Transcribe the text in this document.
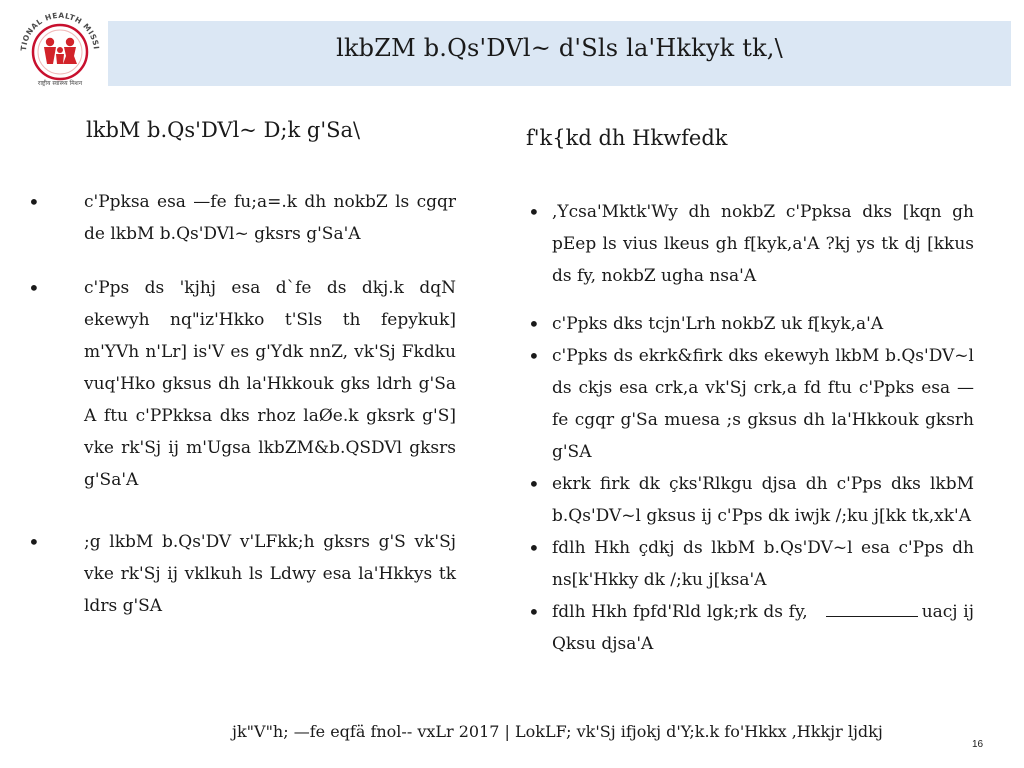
TIONAL HEALTH MISSI
राष्ट्रीय स्वास्थ्य मिशन
lkbZM b.Qs'DVl~ d'Sls la'Hkkyk tk,\
lkbM b.Qs'DVl~ D;k g'Sa\
•	c'Ppksa esa —fe fu;a=.k dh nokbZ ls cgqr de lkbM b.Qs'DVl~ gksrs g'Sa'A
•	c'Pps ds 'kjhj esa d`fe ds dkj.k dqN ekewyh nq"iz'Hkko t'Sls th fepykuk] m'YVh n'Lr] is'V es g'Ydk nnZ, vk'Sj Fkdku vuq'Hko gksus dh la'Hkkouk gks ldrh g'Sa A ftu c'PPkksa dks rhoz laØe.k gksrk g'S] vke rk'Sj ij m'Ugsa lkbZM&b.QSDVl gksrs g'Sa'A
•	;g lkbM b.Qs'DV v'LFkk;h gksrs g'S vk'Sj vke rk'Sj ij vklkuh ls Ldwy esa la'Hkkys tk ldrs g'SA
f'k{kd dh Hkwfedk
• ,Ycsa'Mktk'Wy dh nokbZ c'Ppksa dks [kqn gh pEep ls vius lkeus gh f[kyk,a'A ?kj ys tk dj [kkus ds fy, nokbZ ugha nsa'A
• c'Ppks dks tcjn'Lrh nokbZ uk f[kyk,a'A
• c'Ppks ds ekrk&firk dks ekewyh lkbM b.Qs'DV~l ds ckjs esa crk,a vk'Sj crk,a fd ftu c'Ppks esa —fe cgqr g'Sa muesa ;s gksus dh la'Hkkouk gksrh g'SA
• ekrk firk dk çks'Rlkgu djsa dh c'Pps dks lkbM b.Qs'DV~l gksus ij c'Pps dk iwjk /;ku j[kk tk,xk'A
• fdlh Hkh çdkj ds lkbM b.Qs'DV~l esa c'Pps dh ns[k'Hkky dk /;ku j[ksa'A
• fdlh Hkh fpfd'Rld lgk;rk ds fy,	uacj ij Qksu djsa'A
jk"V"h; —fe eqfä fnol-- vxLr 2017 | LokLF; vk'Sj ifjokj d'Y;k.k fo'Hkkx ,Hkkjr ljdkj
16
